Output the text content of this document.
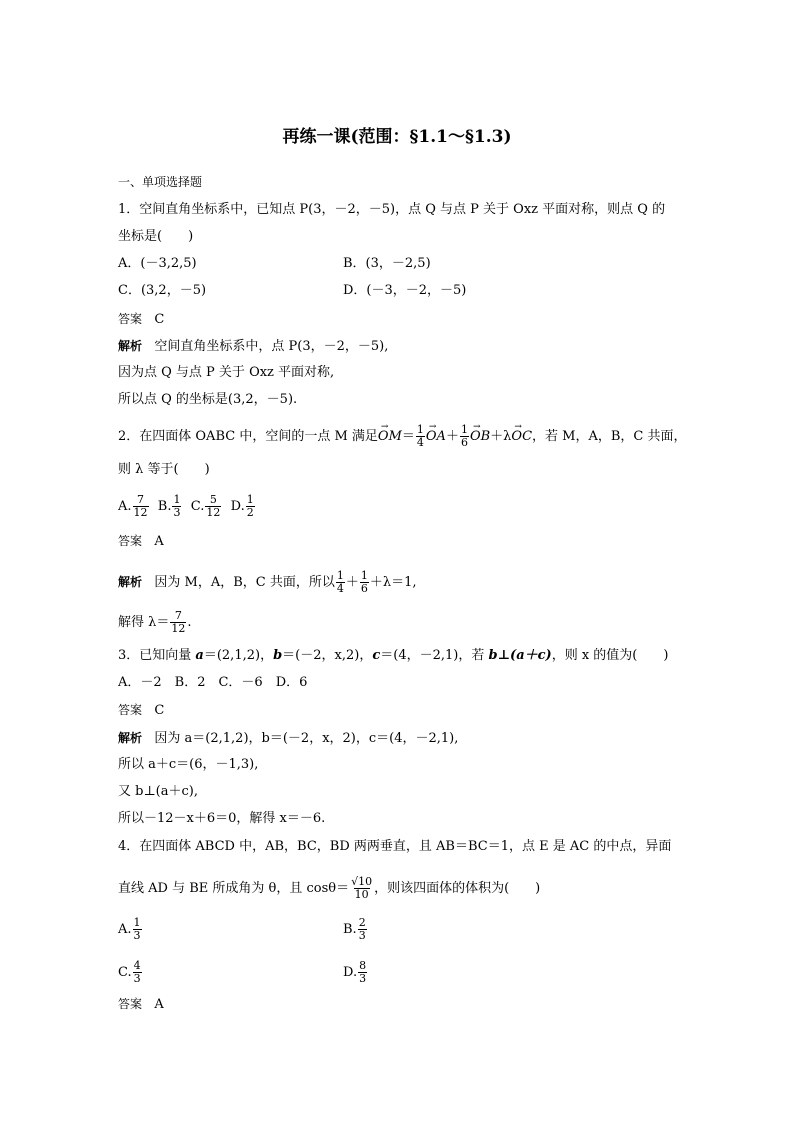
再练一课(范围：§1.1～§1.3)
一、单项选择题
1．空间直角坐标系中，已知点 P(3，－2，－5)，点 Q 与点 P 关于 Oxz 平面对称，则点 Q 的
坐标是(　　)
A．(－3,2,5)	B．(3，－2,5)
C．(3,2，－5)	D．(－3，－2，－5)
答案 C
解析 空间直角坐标系中，点 P(3，－2，－5),
因为点 Q 与点 P 关于 Oxz 平面对称,
所以点 Q 的坐标是(3,2，－5).
2．在四面体 OABC 中，空间的一点 M 满足→ $OM= \frac{1}{4}$
→ $OA+ \frac{1}{6}$
→ OB＋λ→ OC，若 M，A，B，C 共面，
则 λ 等于(　　)
A. $\frac{7}{12} B$. $\frac{1}{3} C$. $\frac{5}{12} D$. $\frac{1}{2}$
答案 A
解析 因为 M，A，B，C 共面，所以 $\frac{1}{4} + \frac{1}{6} +\lambda=1$,
解得 $\lambda= \frac{7}{12}$ .
3．已知向量 a＝(2,1,2)，b＝(－2，x,2)，c＝(4，－2,1)，若 b⊥(a＋c)，则 x 的值为(　　)
A．－2　B．2　C．－6　D．6
答案 C
解析 因为 a＝(2,1,2)，b＝(－2，x，2)，c＝(4，－2,1),
所以 a＋c＝(6，－1,3),
又 b⊥(a＋c),
所以－12－x＋6＝0，解得 x＝－6.
4．在四面体 ABCD 中，AB，BC，BD 两两垂直，且 AB＝BC＝1，点 E 是 AC 的中点，异面
直线 AD 与 BE 所成角为 θ，且 $\cos\theta= \frac{√10}{10}$ ，则该四面体的体积为(　　)
A. $\frac{1}{3}$	B. $\frac{2}{3}$
C. $\frac{4}{3}$	D. $\frac{8}{3}$
答案 A
